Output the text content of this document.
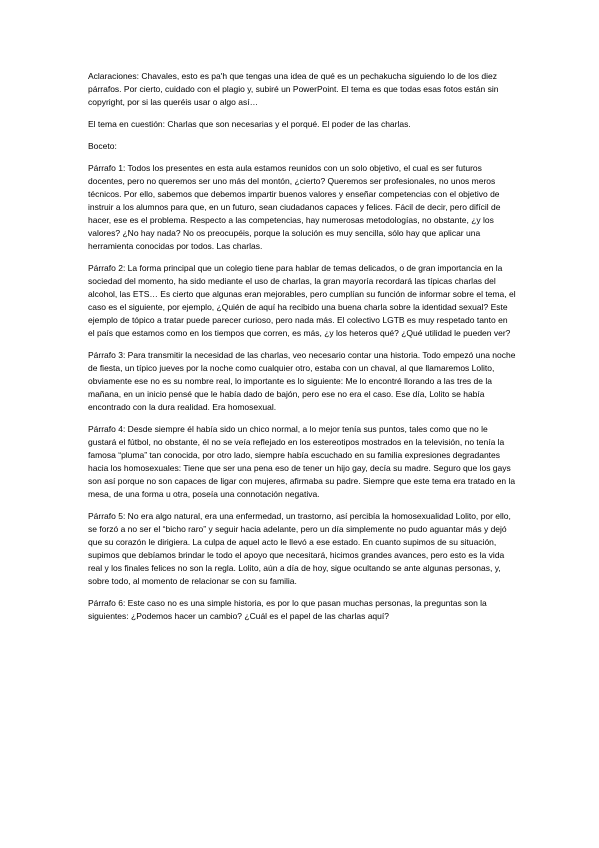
Aclaraciones: Chavales, esto es pa'h que tengas una idea de qué es un pechakucha siguiendo lo de los diez párrafos. Por cierto, cuidado con el plagio y, subiré un PowerPoint. El tema es que todas esas fotos están sin copyright, por si las queréis usar o algo así…

El tema en cuestión: Charlas que son necesarias y el porqué. El poder de las charlas.

Boceto:

Párrafo 1: Todos los presentes en esta aula estamos reunidos con un solo objetivo, el cual es ser futuros docentes, pero no queremos ser uno más del montón, ¿cierto? Queremos ser profesionales, no unos meros técnicos. Por ello, sabemos que debemos impartir buenos valores y enseñar competencias con el objetivo de instruir a los alumnos para que, en un futuro, sean ciudadanos capaces y felices. Fácil de decir, pero difícil de hacer, ese es el problema. Respecto a las competencias, hay numerosas metodologías, no obstante, ¿y los valores? ¿No hay nada? No os preocupéis, porque la solución es muy sencilla, sólo hay que aplicar una herramienta conocidas por todos. Las charlas.

Párrafo 2: La forma principal que un colegio tiene para hablar de temas delicados, o de gran importancia en la sociedad del momento, ha sido mediante el uso de charlas, la gran mayoría recordará las típicas charlas del alcohol, las ETS… Es cierto que algunas eran mejorables, pero cumplían su función de informar sobre el tema, el caso es el siguiente, por ejemplo, ¿Quién de aquí ha recibido una buena charla sobre la identidad sexual? Este ejemplo de tópico a tratar puede parecer curioso, pero nada más. El colectivo LGTB es muy respetado tanto en el país que estamos como en los tiempos que corren, es más, ¿y los heteros qué? ¿Qué utilidad le pueden ver?

Párrafo 3: Para transmitir la necesidad de las charlas, veo necesario contar una historia. Todo empezó una noche de fiesta, un típico jueves por la noche como cualquier otro, estaba con un chaval, al que llamaremos Lolito, obviamente ese no es su nombre real, lo importante es lo siguiente: Me lo encontré llorando a las tres de la mañana, en un inicio pensé que le había dado de bajón, pero ese no era el caso. Ese día, Lolito se había encontrado con la dura realidad. Era homosexual.

Párrafo 4: Desde siempre él había sido un chico normal, a lo mejor tenía sus puntos, tales como que no le gustará el fútbol, no obstante, él no se veía reflejado en los estereotipos mostrados en la televisión, no tenía la famosa “pluma” tan conocida, por otro lado, siempre había escuchado en su familia expresiones degradantes hacia los homosexuales: Tiene que ser una pena eso de tener un hijo gay, decía su madre. Seguro que los gays son así porque no son capaces de ligar con mujeres, afirmaba su padre. Siempre que este tema era tratado en la mesa, de una forma u otra, poseía una connotación negativa.

Párrafo 5: No era algo natural, era una enfermedad, un trastorno, así percibía la homosexualidad Lolito, por ello, se forzó a no ser el “bicho raro” y seguir hacia adelante, pero un día simplemente no pudo aguantar más y dejó que su corazón le dirigiera. La culpa de aquel acto le llevó a ese estado. En cuanto supimos de su situación, supimos que debíamos brindar le todo el apoyo que necesitará, hicimos grandes avances, pero esto es la vida real y los finales felices no son la regla. Lolito, aún a día de hoy, sigue ocultando se ante algunas personas, y, sobre todo, al momento de relacionar se con su familia.

Párrafo 6: Este caso no es una simple historia, es por lo que pasan muchas personas, la preguntas son la siguientes: ¿Podemos hacer un cambio? ¿Cuál es el papel de las charlas aquí?
